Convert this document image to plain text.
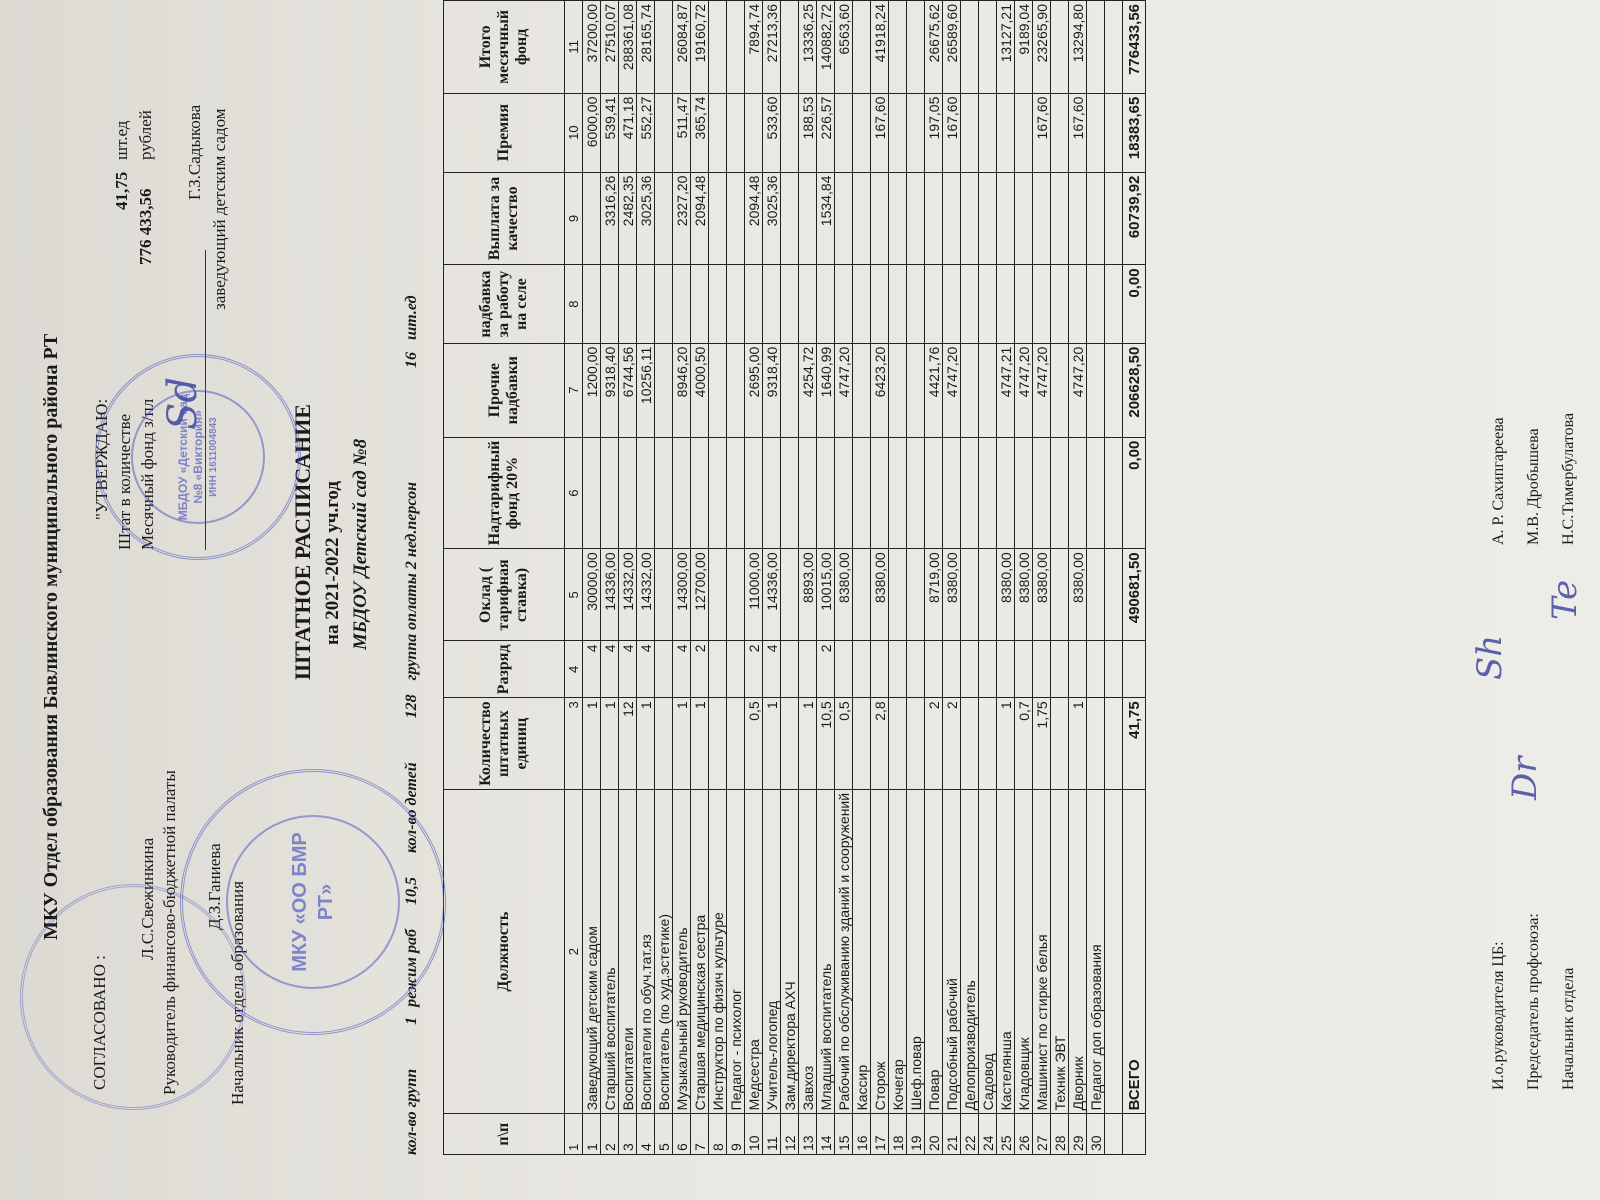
МКУ Отдел образования Бавлинского муниципального района РТ
СОГЛАСОВАНО :
Л.С.Свежинкина Руководитель финансово-бюджетной палаты Д.З.Ганиева Начальник отдела образования
"УТВЕРЖДАЮ: Штат в количестве
41,75
шт.ед
Месячный фонд з/пл
776 433,56
рублей Г.З.Садыкова заведующий детским садом
ШТАТНОЕ РАСПИСАНИЕ на 2021-2022 уч.год МБДОУ Детский сад №8
кол-во групп 1 режим раб 10,5 кол-во детей 128 группа оплаты 2 нед.персон 16 шт.ед
п\п	Должность	Количество штатных единиц	Разряд	Оклад ( тарифная ставка)	Надтарифный фонд 20%	Прочие надбавки	надбавка за работу на селе	Выплата за качество	Премия	Итого месячный фонд
1	2	3	4	5	6	7	8	9	10	11
1	Заведующий детским садом	1	4	30000,00		1200,00			6000,00	37200,00
2	Старший воспитатель	1	4	14336,00		9318,40		3316,26	539,41	27510,07
3	Воспитатели	12	4	14332,00		6744,56		2482,35	471,18	288361,08
4	Воспитатели по обуч.тат.яз	1	4	14332,00		10256,11		3025,36	552,27	28165,74
5	Воспитатель (по худ.эстетике)									
6	Музыкальный руководитель	1	4	14300,00		8946,20		2327,20	511,47	26084,87
7	Старшая медицинская сестра	1	2	12700,00		4000,50		2094,48	365,74	19160,72
8	Инструктор по физич культуре									
9	Педагог - психолог									
10	Медсестра	0,5	2	11000,00		2695,00		2094,48		7894,74
11	Учитель-логопед	1	4	14336,00		9318,40		3025,36	533,60	27213,36
12	Зам.директора АХЧ									
13	Завхоз	1		8893,00		4254,72			188,53	13336,25
14	Младший воспитатель	10,5	2	10015,00		1640,99		1534,84	226,57	140882,72
15	Рабочий по обслуживанию зданий и сооружений	0,5		8380,00		4747,20				6563,60
16	Кассир									
17	Сторож	2,8		8380,00		6423,20			167,60	41918,24
18	Кочегар									
19	Шеф.повар									
20	Повар	2		8719,00		4421,76			197,05	26675,62
21	Подсобный рабочий	2		8380,00		4747,20			167,60	26589,60
22	Делопроизводитель									
24	Садовод									
25	Кастелянша	1		8380,00		4747,21				13127,21
26	Кладовщик	0,7		8380,00		4747,20				9189,04
27	Машинист по стирке белья	1,75		8380,00		4747,20			167,60	23265,90
28	Техник ЭВТ									
29	Дворник	1		8380,00		4747,20			167,60	13294,80
30	Педагог доп образования									

	ВСЕГО	41,75		490681,50	0,00	206628,50	0,00	60739,92	18383,65	776433,56
И.о.руководителя ЦБ:
А. Р. Сахипгареева
Председатель профсоюза:
М.В. Дробышева
Начальник отдела
Н.С.Тимербулатова
Sh
Dr
Te
Sd
МКУ «ОО БМР РТ»
МБДОУ «Детский сад №8 «Виктория» ИНН 1611004843
